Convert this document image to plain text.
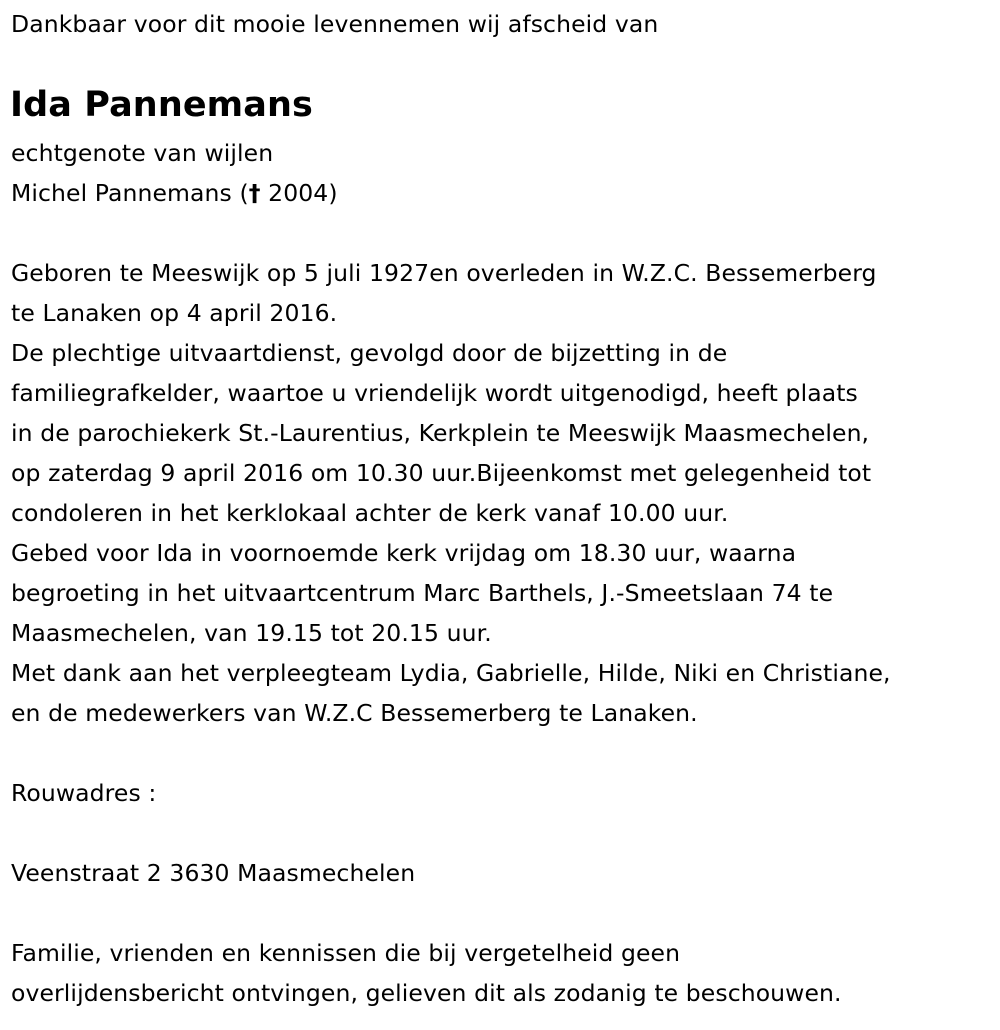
Dankbaar voor dit mooie levennemen wij afscheid van
Ida Pannemans
echtgenote van wijlen
Michel Pannemans († 2004)
Geboren te Meeswijk op 5 juli 1927en overleden in W.Z.C. Bessemerberg
te Lanaken op 4 april 2016.
De plechtige uitvaartdienst, gevolgd door de bijzetting in de
familiegrafkelder, waartoe u vriendelijk wordt uitgenodigd, heeft plaats
in de parochiekerk St.-Laurentius, Kerkplein te Meeswijk Maasmechelen,
op zaterdag 9 april 2016 om 10.30 uur.Bijeenkomst met gelegenheid tot
condoleren in het kerklokaal achter de kerk vanaf 10.00 uur.
Gebed voor Ida in voornoemde kerk vrijdag om 18.30 uur, waarna
begroeting in het uitvaartcentrum Marc Barthels, J.-Smeetslaan 74 te
Maasmechelen, van 19.15 tot 20.15 uur.
Met dank aan het verpleegteam Lydia, Gabrielle, Hilde, Niki en Christiane,
en de medewerkers van W.Z.C Bessemerberg te Lanaken.
Rouwadres :
Veenstraat 2 3630 Maasmechelen
Familie, vrienden en kennissen die bij vergetelheid geen
overlijdensbericht ontvingen, gelieven dit als zodanig te beschouwen.
